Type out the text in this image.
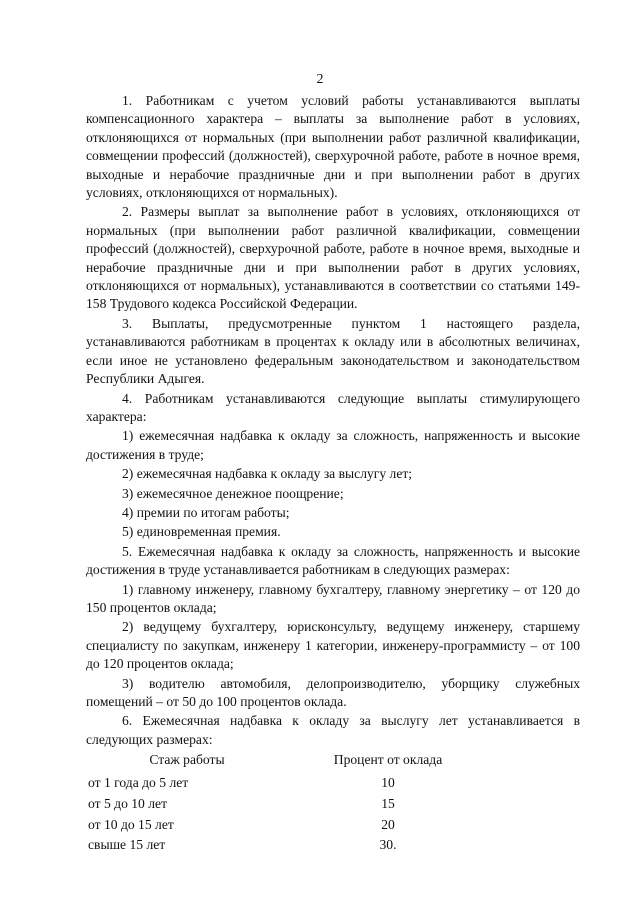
2

1. Работникам с учетом условий работы устанавливаются выплаты компенсационного характера – выплаты за выполнение работ в условиях, отклоняющихся от нормальных (при выполнении работ различной квалификации, совмещении профессий (должностей), сверхурочной работе, работе в ночное время, выходные и нерабочие праздничные дни и при выполнении работ в других условиях, отклоняющихся от нормальных).

2. Размеры выплат за выполнение работ в условиях, отклоняющихся от нормальных (при выполнении работ различной квалификации, совмещении профессий (должностей), сверхурочной работе, работе в ночное время, выходные и нерабочие праздничные дни и при выполнении работ в других условиях, отклоняющихся от нормальных), устанавливаются в соответствии со статьями 149-158 Трудового кодекса Российской Федерации.

3. Выплаты, предусмотренные пунктом 1 настоящего раздела, устанавливаются работникам в процентах к окладу или в абсолютных величинах, если иное не установлено федеральным законодательством и законодательством Республики Адыгея.

4. Работникам устанавливаются следующие выплаты стимулирующего характера:

1) ежемесячная надбавка к окладу за сложность, напряженность и высокие достижения в труде;

2) ежемесячная надбавка к окладу за выслугу лет;

3) ежемесячное денежное поощрение;

4) премии по итогам работы;

5) единовременная премия.

5. Ежемесячная надбавка к окладу за сложность, напряженность и высокие достижения в труде устанавливается работникам в следующих размерах:

1) главному инженеру, главному бухгалтеру, главному энергетику – от 120 до 150 процентов оклада;

2) ведущему бухгалтеру, юрисконсульту, ведущему инженеру, старшему специалисту по закупкам, инженеру 1 категории, инженеру-программисту – от 100 до 120 процентов оклада;

3) водителю автомобиля, делопроизводителю, уборщику служебных помещений – от 50 до 100 процентов оклада.

6. Ежемесячная надбавка к окладу за выслугу лет устанавливается в следующих размерах:

Стаж работы	Процент от оклада
от 1 года до 5 лет	10
от 5 до 10 лет	15
от 10 до 15 лет	20
свыше 15 лет	30.
